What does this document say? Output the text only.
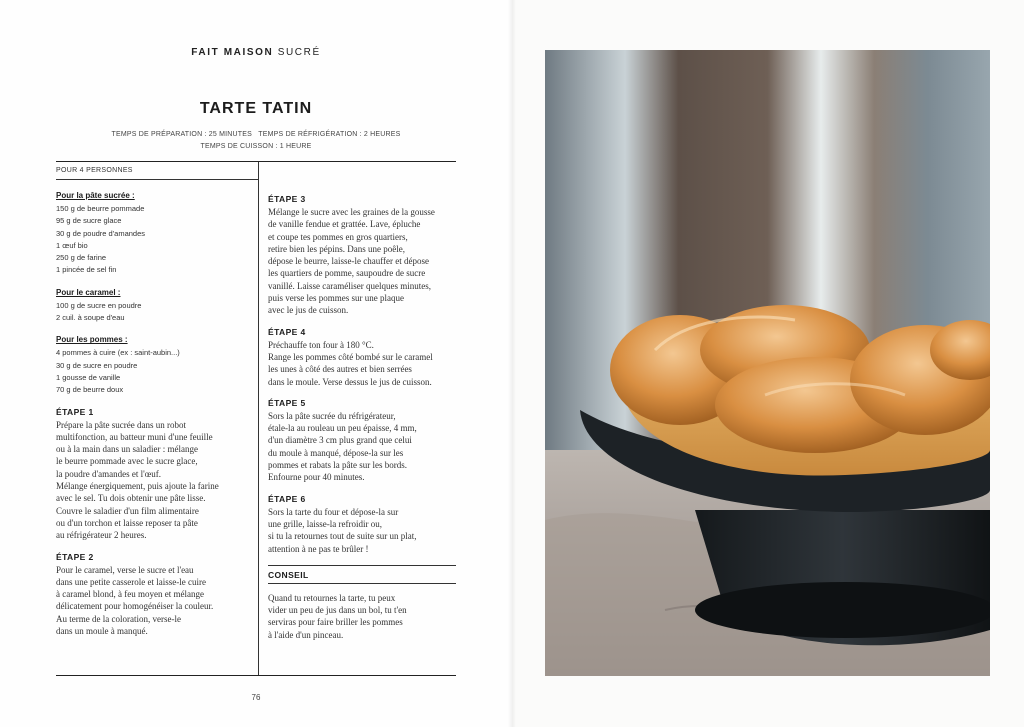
FAIT MAISON SUCRÉ
TARTE TATIN
TEMPS DE PRÉPARATION : 25 MINUTES   TEMPS DE RÉFRIGÉRATION : 2 HEURES
TEMPS DE CUISSON : 1 HEURE
POUR 4 PERSONNES
Pour la pâte sucrée :
150 g de beurre pommade
95 g de sucre glace
30 g de poudre d'amandes
1 œuf bio
250 g de farine
1 pincée de sel fin
Pour le caramel :
100 g de sucre en poudre
2 cuil. à soupe d'eau
Pour les pommes :
4 pommes à cuire (ex : saint-aubin...)
30 g de sucre en poudre
1 gousse de vanille
70 g de beurre doux
ÉTAPE 1
Prépare la pâte sucrée dans un robot
multifonction, au batteur muni d'une feuille
ou à la main dans un saladier : mélange
le beurre pommade avec le sucre glace,
la poudre d'amandes et l'œuf.
Mélange énergiquement, puis ajoute la farine
avec le sel. Tu dois obtenir une pâte lisse.
Couvre le saladier d'un film alimentaire
ou d'un torchon et laisse reposer ta pâte
au réfrigérateur 2 heures.
ÉTAPE 2
Pour le caramel, verse le sucre et l'eau
dans une petite casserole et laisse-le cuire
à caramel blond, à feu moyen et mélange
délicatement pour homogénéiser la couleur.
Au terme de la coloration, verse-le
dans un moule à manqué.
ÉTAPE 3
Mélange le sucre avec les graines de la gousse
de vanille fendue et grattée. Lave, épluche
et coupe tes pommes en gros quartiers,
retire bien les pépins. Dans une poêle,
dépose le beurre, laisse-le chauffer et dépose
les quartiers de pomme, saupoudre de sucre
vanillé. Laisse caraméliser quelques minutes,
puis verse les pommes sur une plaque
avec le jus de cuisson.
ÉTAPE 4
Préchauffe ton four à 180 °C.
Range les pommes côté bombé sur le caramel
les unes à côté des autres et bien serrées
dans le moule. Verse dessus le jus de cuisson.
ÉTAPE 5
Sors la pâte sucrée du réfrigérateur,
étale-la au rouleau un peu épaisse, 4 mm,
d'un diamètre 3 cm plus grand que celui
du moule à manqué, dépose-la sur les
pommes et rabats la pâte sur les bords.
Enfourne pour 40 minutes.
ÉTAPE 6
Sors la tarte du four et dépose-la sur
une grille, laisse-la refroidir ou,
si tu la retournes tout de suite sur un plat,
attention à ne pas te brûler !
CONSEIL
Quand tu retournes la tarte, tu peux
vider un peu de jus dans un bol, tu t'en
serviras pour faire briller les pommes
à l'aide d'un pinceau.
76
